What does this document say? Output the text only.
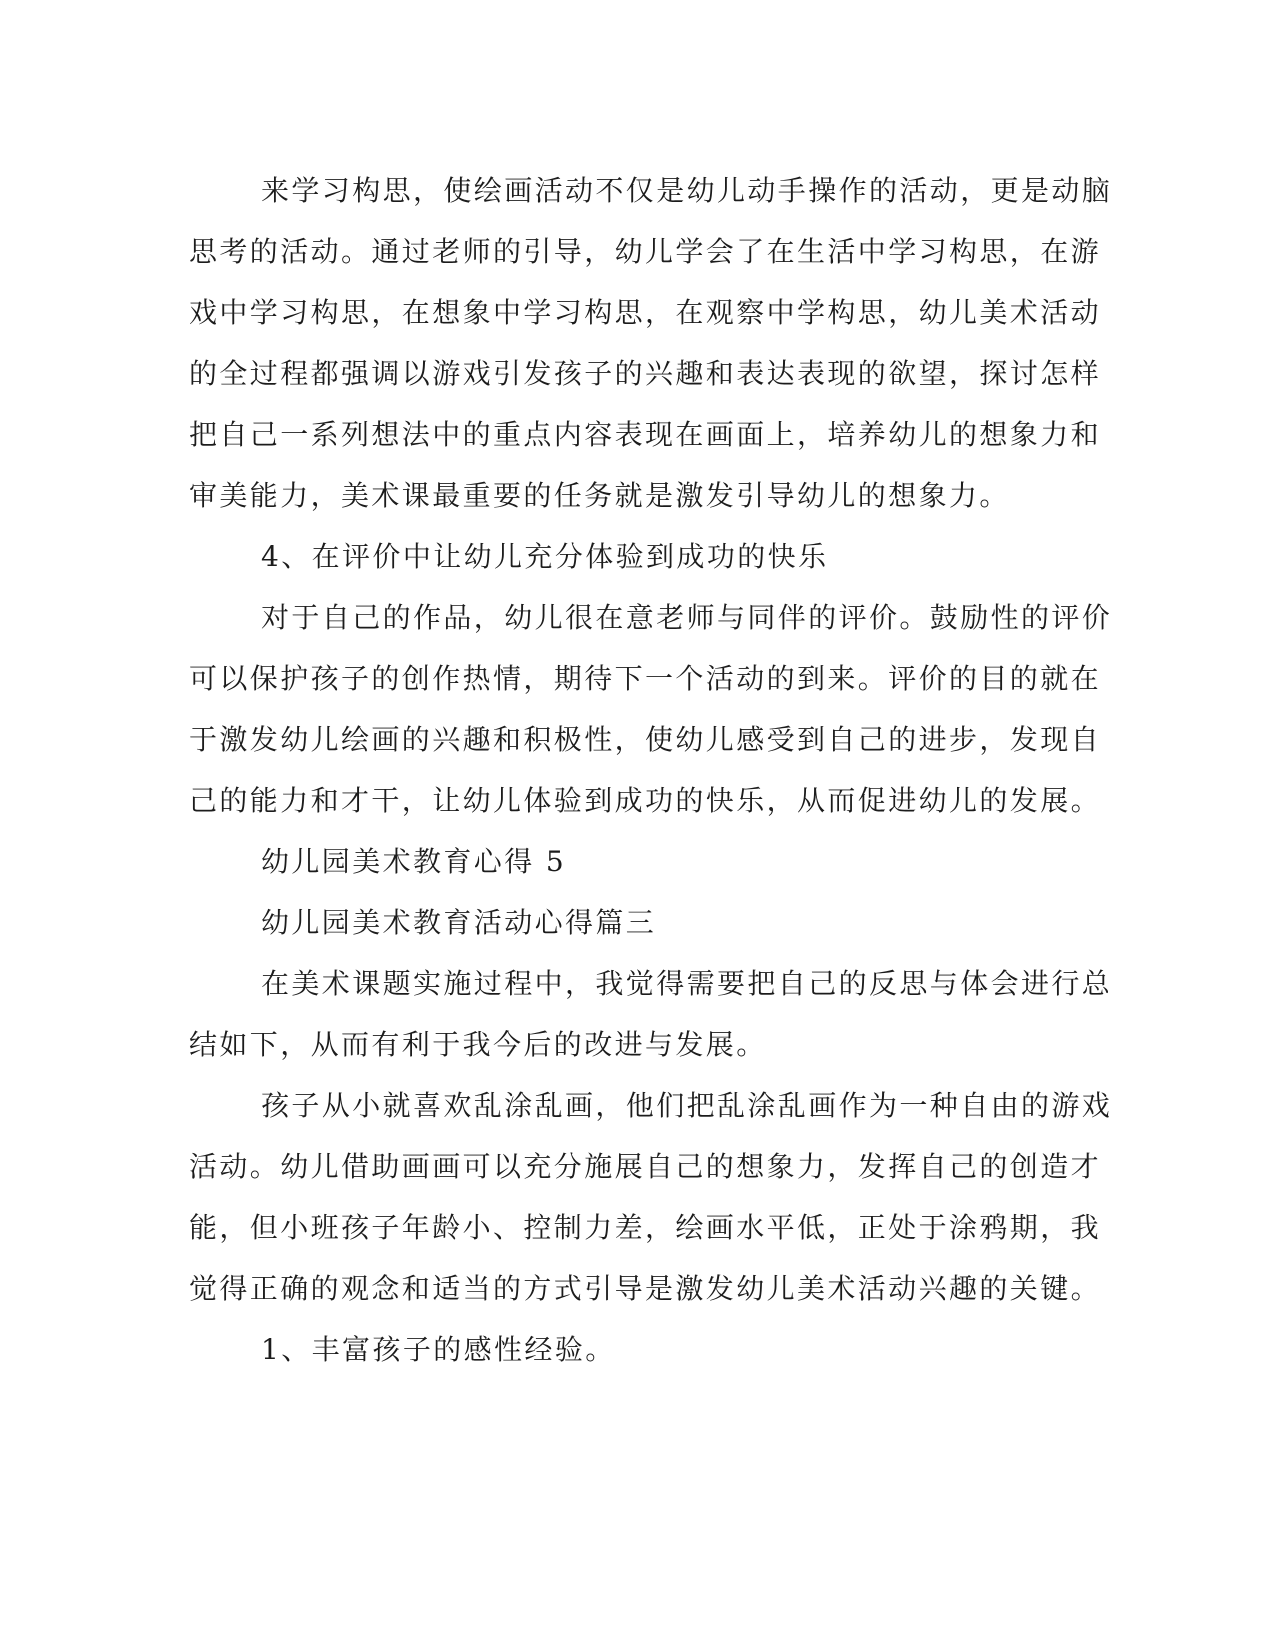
来学习构思，使绘画活动不仅是幼儿动手操作的活动，更是动脑
思考的活动。通过老师的引导，幼儿学会了在生活中学习构思，在游
戏中学习构思，在想象中学习构思，在观察中学构思，幼儿美术活动
的全过程都强调以游戏引发孩子的兴趣和表达表现的欲望，探讨怎样
把自己一系列想法中的重点内容表现在画面上，培养幼儿的想象力和
审美能力，美术课最重要的任务就是激发引导幼儿的想象力。
4、在评价中让幼儿充分体验到成功的快乐
对于自己的作品，幼儿很在意老师与同伴的评价。鼓励性的评价
可以保护孩子的创作热情，期待下一个活动的到来。评价的目的就在
于激发幼儿绘画的兴趣和积极性，使幼儿感受到自己的进步，发现自
己的能力和才干，让幼儿体验到成功的快乐，从而促进幼儿的发展。
幼儿园美术教育心得 5
幼儿园美术教育活动心得篇三
在美术课题实施过程中，我觉得需要把自己的反思与体会进行总
结如下，从而有利于我今后的改进与发展。
孩子从小就喜欢乱涂乱画，他们把乱涂乱画作为一种自由的游戏
活动。幼儿借助画画可以充分施展自己的想象力，发挥自己的创造才
能，但小班孩子年龄小、控制力差，绘画水平低，正处于涂鸦期，我
觉得正确的观念和适当的方式引导是激发幼儿美术活动兴趣的关键。
1、丰富孩子的感性经验。
